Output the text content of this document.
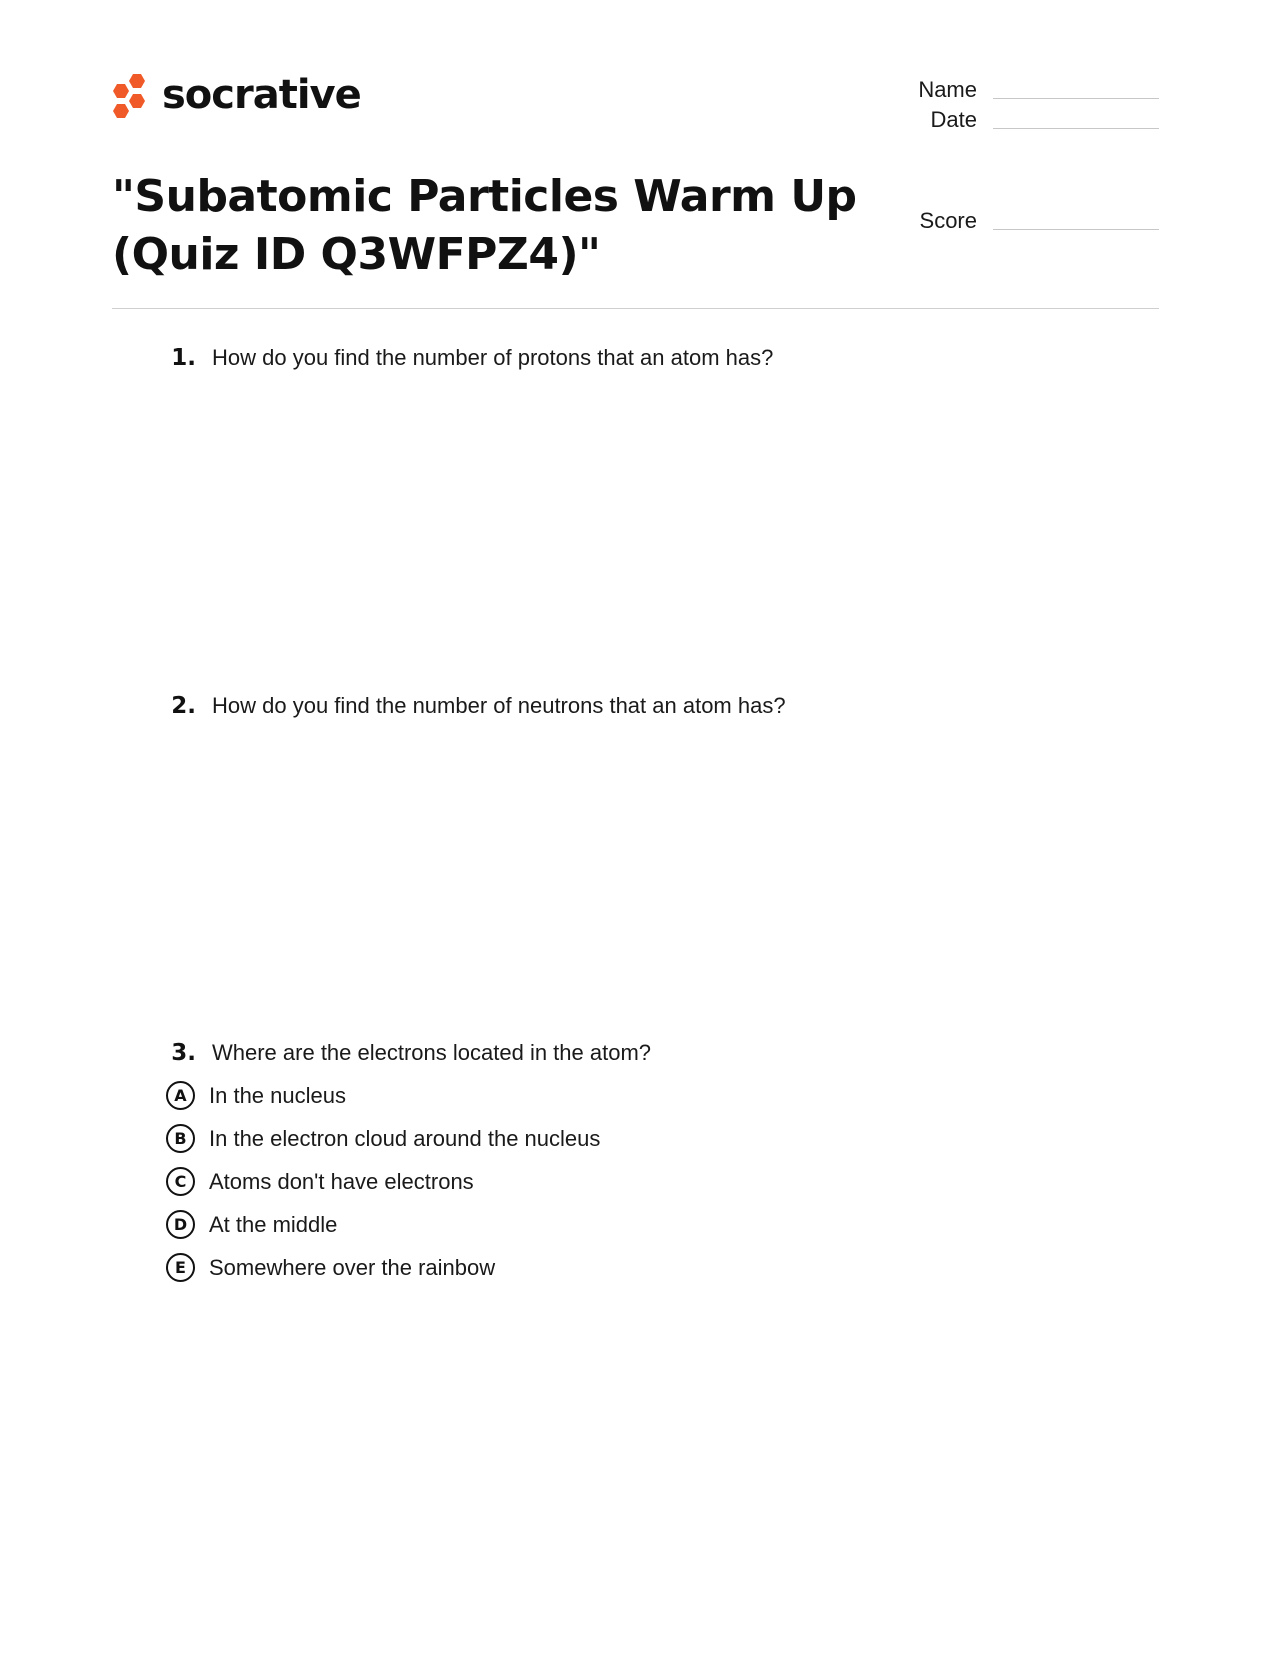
socrative	Name
Date
Score
"Subatomic Particles Warm Up (Quiz ID Q3WFPZ4)"
1. How do you find the number of protons that an atom has?
2. How do you find the number of neutrons that an atom has?
3. Where are the electrons located in the atom?
A	In the nucleus
B	In the electron cloud around the nucleus
C	Atoms don't have electrons
D At the middle
E	Somewhere over the rainbow
